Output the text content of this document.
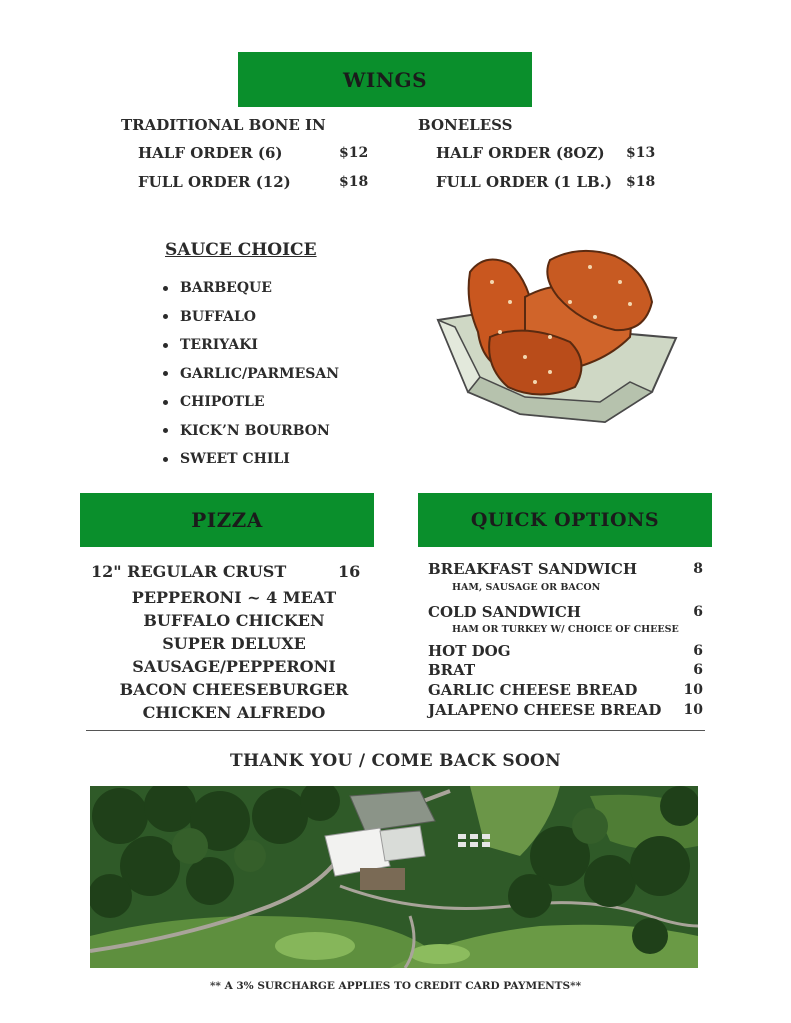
WINGS
TRADITIONAL BONE IN
HALF ORDER (6)	$12
FULL ORDER (12)	$18
BONELESS
HALF ORDER (8OZ) $13
FULL ORDER (1 LB.) $18
SAUCE CHOICE
BARBEQUE
BUFFALO
TERIYAKI
GARLIC/PARMESAN
CHIPOTLE
KICK’N BOURBON
SWEET CHILI
PIZZA
12" REGULAR CRUST	16
PEPPERONI ~ 4 MEAT
BUFFALO CHICKEN
SUPER DELUXE
SAUSAGE/PEPPERONI
BACON CHEESEBURGER
CHICKEN ALFREDO
QUICK OPTIONS
BREAKFAST SANDWICH	8
HAM, SAUSAGE OR BACON
COLD SANDWICH	6
HAM OR TURKEY W/ CHOICE OF CHEESE
HOT DOG	6
BRAT	6
GARLIC CHEESE BREAD	10
JALAPENO CHEESE BREAD 10
THANK YOU / COME BACK SOON
** A 3% SURCHARGE APPLIES TO CREDIT CARD PAYMENTS**
